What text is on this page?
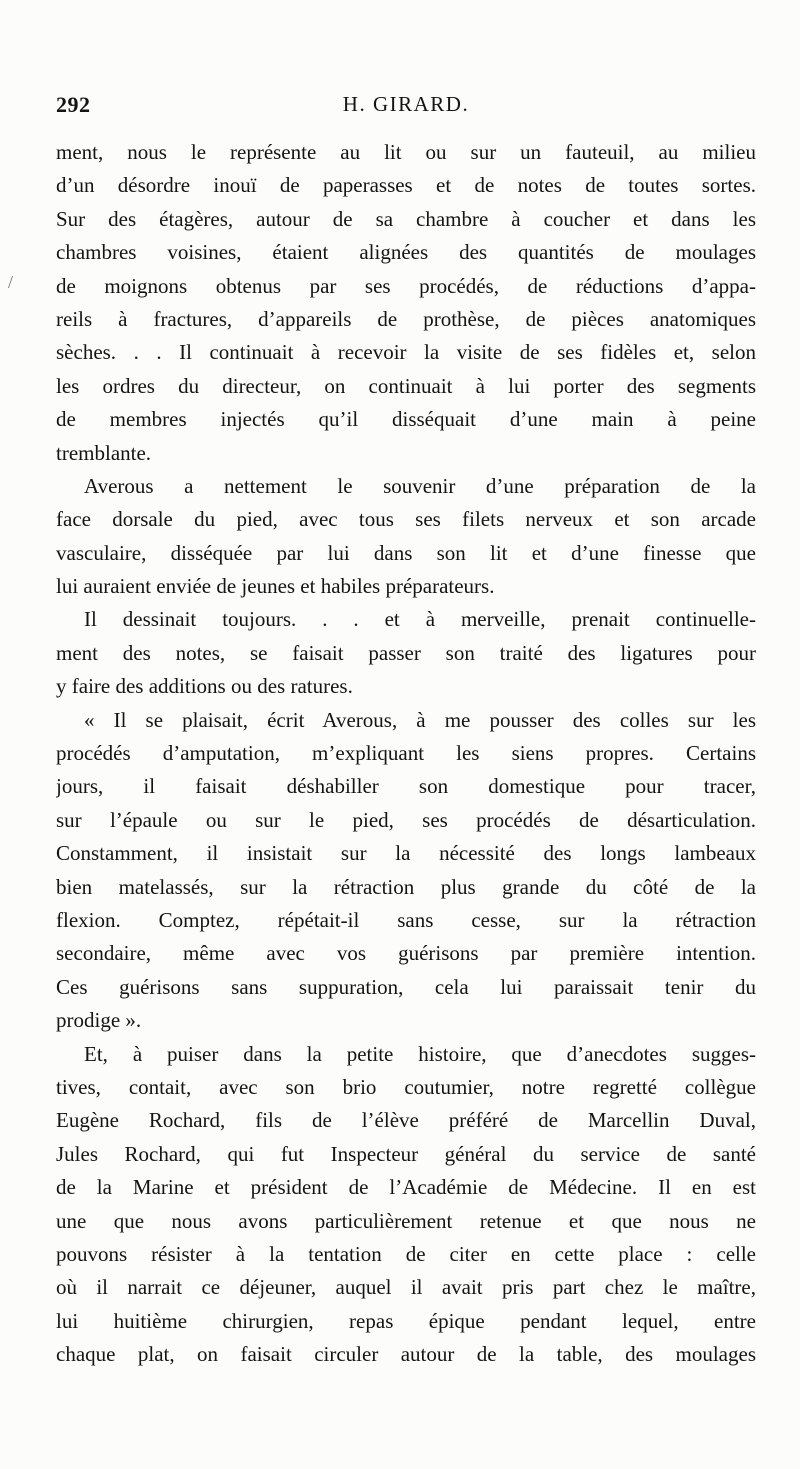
292	H. GIRARD.
/
ment, nous le représente au lit ou sur un fauteuil, au milieu
d’un désordre inouï de paperasses et de notes de toutes sortes.
Sur des étagères, autour de sa chambre à coucher et dans les
chambres voisines, étaient alignées des quantités de moulages
de moignons obtenus par ses procédés, de réductions d’appa-
reils à fractures, d’appareils de prothèse, de pièces anatomiques
sèches. . . Il continuait à recevoir la visite de ses fidèles et, selon
les ordres du directeur, on continuait à lui porter des segments
de membres injectés qu’il disséquait d’une main à peine
tremblante.
Averous a nettement le souvenir d’une préparation de la
face dorsale du pied, avec tous ses filets nerveux et son arcade
vasculaire, disséquée par lui dans son lit et d’une finesse que
lui auraient enviée de jeunes et habiles préparateurs.
Il dessinait toujours. . . et à merveille, prenait continuelle-
ment des notes, se faisait passer son traité des ligatures pour
y faire des additions ou des ratures.
« Il se plaisait, écrit Averous, à me pousser des colles sur les
procédés d’amputation, m’expliquant les siens propres. Certains
jours, il faisait déshabiller son domestique pour tracer,
sur l’épaule ou sur le pied, ses procédés de désarticulation.
Constamment, il insistait sur la nécessité des longs lambeaux
bien matelassés, sur la rétraction plus grande du côté de la
flexion. Comptez, répétait-il sans cesse, sur la rétraction
secondaire, même avec vos guérisons par première intention.
Ces guérisons sans suppuration, cela lui paraissait tenir du
prodige ».
Et, à puiser dans la petite histoire, que d’anecdotes sugges-
tives, contait, avec son brio coutumier, notre regretté collègue
Eugène Rochard, fils de l’élève préféré de Marcellin Duval,
Jules Rochard, qui fut Inspecteur général du service de santé
de la Marine et président de l’Académie de Médecine. Il en est
une que nous avons particulièrement retenue et que nous ne
pouvons résister à la tentation de citer en cette place : celle
où il narrait ce déjeuner, auquel il avait pris part chez le maître,
lui huitième chirurgien, repas épique pendant lequel, entre
chaque plat, on faisait circuler autour de la table, des moulages
